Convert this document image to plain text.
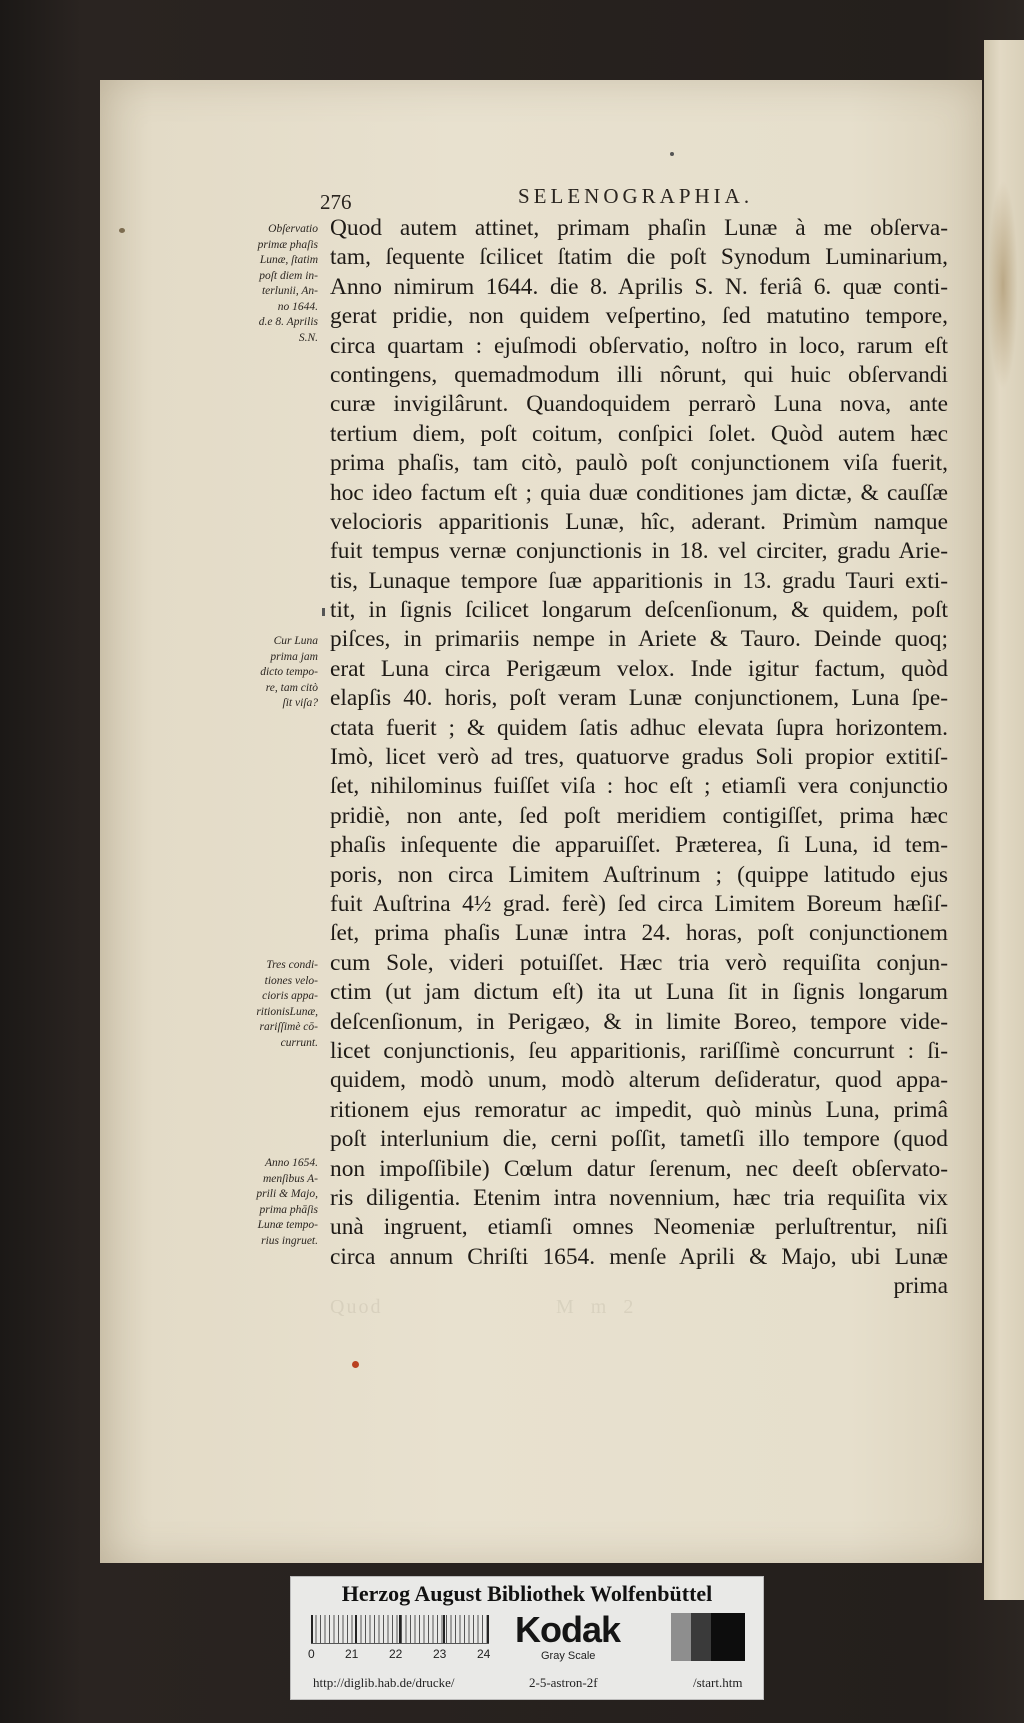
276	SELENOGRAPHIA.
Obſervatio
primæ phaſis
Lunæ, ſtatim
poſt diem in-
terlunii, An-
no 1644.
d.e 8. Aprilis
S.N.
Cur Luna
prima jam
dicto tempo-
re, tam citò
ſit viſa?
Tres condi-
tiones velo-
cioris appa-
ritionisLunæ,
rariſſimè cō-
currunt.
Anno 1654.
menſibus A-
prili & Majo,
prima phāſis
Lunæ tempo-
rius ingruet.
Quod autem attinet, primam phaſin Lunæ à me obſerva-
tam, ſequente ſcilicet ſtatim die poſt Synodum Luminarium,
Anno nimirum 1644. die 8. Aprilis S. N. feriâ 6. quæ conti-
gerat pridie, non quidem veſpertino, ſed matutino tempore,
circa quartam : ejuſmodi obſervatio, noſtro in loco, rarum eſt
contingens, quemadmodum illi nôrunt, qui huic obſervandi
curæ invigilârunt. Quandoquidem perrarò Luna nova, ante
tertium diem, poſt coitum, conſpici ſolet. Quòd autem hæc
prima phaſis, tam citò, paulò poſt conjunctionem viſa fuerit,
hoc ideo factum eſt ; quia duæ conditiones jam dictæ, & cauſſæ
velocioris apparitionis Lunæ, hîc, aderant. Primùm namque
fuit tempus vernæ conjunctionis in 18. vel circiter, gradu Arie-
tis, Lunaque tempore ſuæ apparitionis in 13. gradu Tauri exti-
tit, in ſignis ſcilicet longarum deſcenſionum, & quidem, poſt
piſces, in primariis nempe in Ariete & Tauro. Deinde quoq;
erat Luna circa Perigæum velox. Inde igitur factum, quòd
elapſis 40. horis, poſt veram Lunæ conjunctionem, Luna ſpe-
ctata fuerit ; & quidem ſatis adhuc elevata ſupra horizontem.
Imò, licet verò ad tres, quatuorve gradus Soli propior extitiſ-
ſet, nihilominus fuiſſet viſa : hoc eſt ; etiamſi vera conjunctio
pridiè, non ante, ſed poſt meridiem contigiſſet, prima hæc
phaſis inſequente die apparuiſſet. Præterea, ſi Luna, id tem-
poris, non circa Limitem Auſtrinum ; (quippe latitudo ejus
fuit Auſtrina 4½ grad. ferè) ſed circa Limitem Boreum hæſiſ-
ſet, prima phaſis Lunæ intra 24. horas, poſt conjunctionem
cum Sole, videri potuiſſet. Hæc tria verò requiſita conjun-
ctim (ut jam dictum eſt) ita ut Luna ſit in ſignis longarum
deſcenſionum, in Perigæo, & in limite Boreo, tempore vide-
licet conjunctionis, ſeu apparitionis, rariſſimè concurrunt : ſi-
quidem, modò unum, modò alterum deſideratur, quod appa-
ritionem ejus remoratur ac impedit, quò minùs Luna, primâ
poſt interlunium die, cerni poſſit, tametſi illo tempore (quod
non impoſſibile) Cœlum datur ſerenum, nec deeſt obſervato-
ris diligentia. Etenim intra novennium, hæc tria requiſita vix
unà ingruent, etiamſi omnes Neomeniæ perluſtrentur, niſi
circa annum Chriſti 1654. menſe Aprili & Majo, ubi Lunæ
prima
Quod	M m 2
Herzog August Bibliothek Wolfenbüttel
0	21	22	23	24
Kodak
Gray Scale
http://diglib.hab.de/drucke/	2-5-astron-2f	/start.htm
